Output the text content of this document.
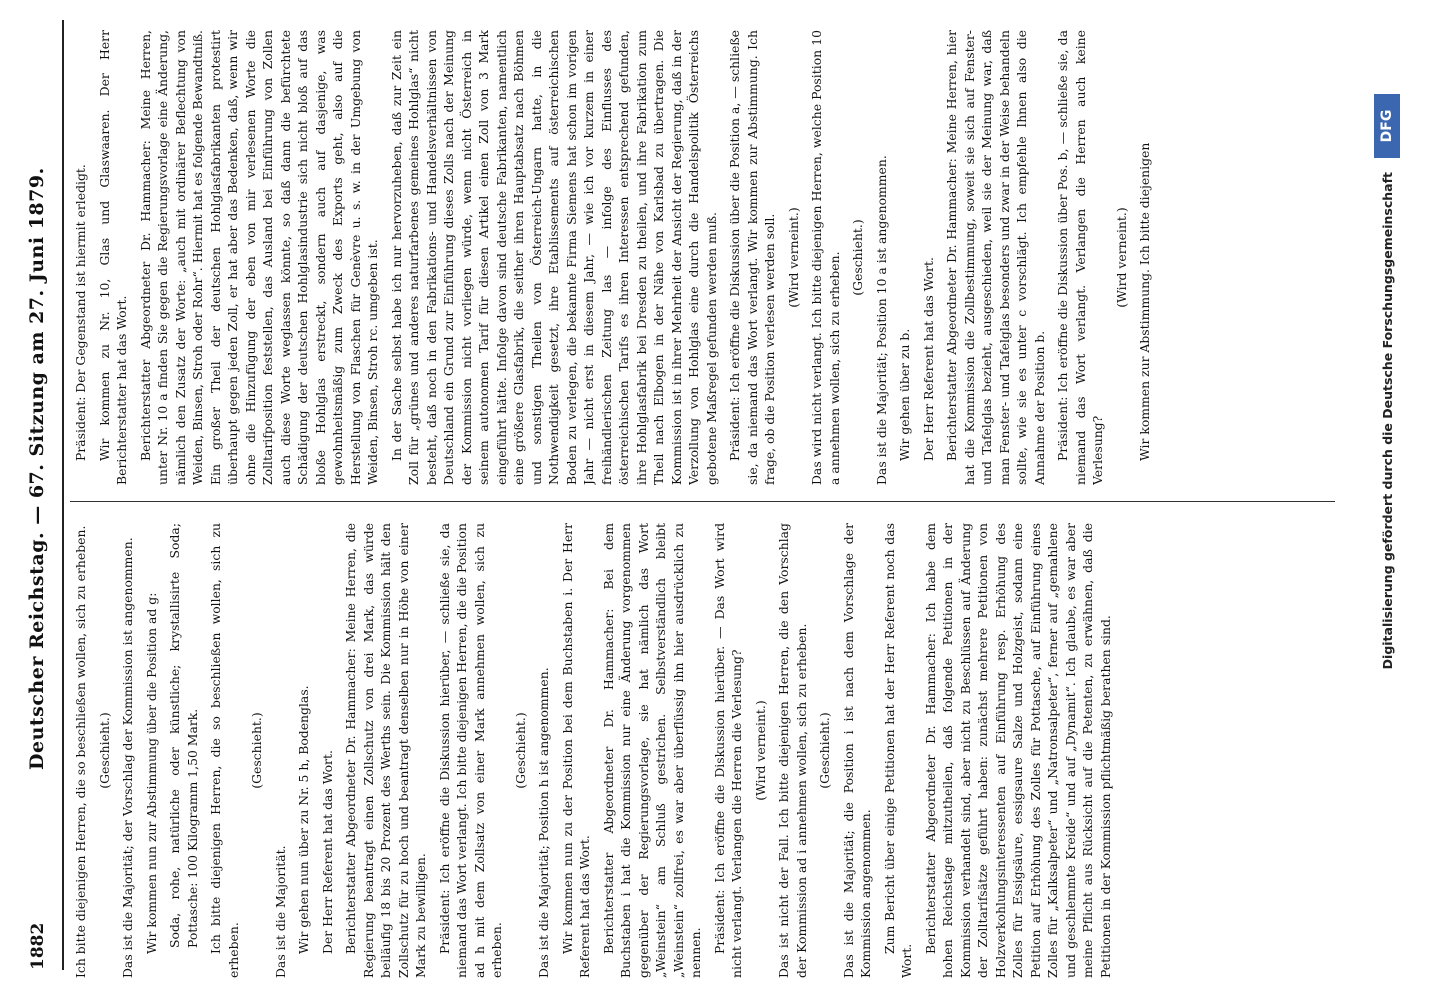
1882
Deutscher Reichstag. — 67. Sitzung am 27. Juni 1879. Ich bitte diejenigen Herren, die so beschließen wollen, sich zu erheben. (Geschieht.) Das ist die Majorität; der Vorschlag der Kommission ist angenommen. Wir kommen nun zur Abstimmung über die Position ad g: Soda, rohe, natürliche oder künstliche; krystallisirte Soda; Pottasche: 100 Kilogramm 1,50 Mark. Ich bitte diejenigen Herren, die so beschließen wollen, sich zu erheben.

(Geschieht.)

Das ist die Majorität. Wir gehen nun über zu Nr. 5 h, Bodenglas. Der Herr Referent hat das Wort. Berichterstatter Abgeordneter Dr. Hammacher: Meine Herren, die Regierung beantragt einen Zollschutz von drei Mark, das würde beiläufig 18 bis 20 Prozent des Werths sein. Die Kommission hält den Zollschutz für zu hoch und beantragt denselben nur in Höhe von einer Mark zu bewilligen. Präsident: Ich eröffne die Diskussion hierüber, — schließe sie, da niemand das Wort verlangt. Ich bitte diejenigen Herren, die die Position ad h mit dem Zollsatz von einer Mark annehmen wollen, sich zu erheben.

(Geschieht.) Das ist die Majorität; Position h ist angenommen. Wir kommen nun zu der Position bei dem Buchstaben i. Der Herr Referent hat das Wort. Berichterstatter Abgeordneter Dr. Hammacher: Bei dem Buchstaben i hat die Kommission nur eine Änderung vorgenommen gegenüber der Regierungsvorlage, sie hat nämlich das Wort „Weinstein“ am Schluß gestrichen. Selbstverständlich bleibt „Weinstein“ zollfrei, es war aber überflüssig ihn hier ausdrücklich zu nennen. Präsident: Ich eröffne die Diskussion hierüber. — Das Wort wird nicht verlangt. Verlangen die Herren die Verlesung? (Wird verneint.) Das ist nicht der Fall. Ich bitte diejenigen Herren, die den Vorschlag der Kommission ad i annehmen wollen, sich zu erheben. (Geschieht.) Das ist die Majorität; die Position i ist nach dem Vorschlage der Kommission angenommen. Zum Bericht über einige Petitionen hat der Herr Referent noch das Wort.

Berichterstatter Abgeordneter Dr. Hammacher: Ich habe dem hohen Reichstage mitzutheilen, daß folgende Petitionen in der Kommission verhandelt sind, aber nicht zu Beschlüssen auf Änderung der Zolltarifsätze geführt haben: zunächst mehrere Petitionen von Holzverkohlungsinteressenten auf Einführung resp. Erhöhung des Zolles für Essigsäure, essigsaure Salze und Holzgeist, sodann eine Petition auf Erhöhung des Zolles für Pottasche, auf Einführung eines Zolles für „Kalksalpeter“ und „Natronsalpeter“, ferner auf „gemahlene und geschlemmte Kreide“ und auf „Dynamit“. Ich glaube, es war aber meine Pflicht aus Rücksicht auf die Petenten, zu erwähnen, daß die Petitionen in der Kommission pflichtmäßig berathen sind.

Präsident: Der Gegenstand ist hiermit erledigt. Wir kommen zu Nr. 10, Glas und Glaswaaren. Der Herr Berichterstatter hat das Wort. Berichterstatter Abgeordneter Dr. Hammacher: Meine Herren, unter Nr. 10 a finden Sie gegen die Regierungsvorlage eine Änderung, nämlich den Zusatz der Worte: „auch mit ordinärer Beflechtung von Weiden, Binsen, Stroh oder Rohr“. Hiermit hat es folgende Bewandtniß. Ein großer Theil der deutschen Hohlglasfabrikanten protestirt überhaupt gegen jeden Zoll, er hat aber das Bedenken, daß, wenn wir ohne die Hinzufügung der eben von mir verlesenen Worte die Zolltarifposition feststellen, das Ausland bei Einführung von Zollen auch diese Worte weglassen könnte, so daß dann die befürchtete Schädigung der deutschen Hohlglasindustrie sich nicht bloß auf das bloße Hohlglas erstreckt, sondern auch auf dasjenige, was gewohnheitsmäßig zum Zweck des Exports geht, also auf die Herstellung von Flaschen für Genèvre u. s. w. in der Umgebung von Weiden, Binsen, Stroh rc. umgeben ist. In der Sache selbst habe ich nur hervorzuheben, daß zur Zeit ein Zoll für „grünes und anderes naturfarbenes gemeines Hohlglas“ nicht besteht, daß noch in den Fabrikations- und Handelsverhältnissen von Deutschland ein Grund zur Einführung dieses Zolls nach der Meinung der Kommission nicht vorliegen würde, wenn nicht Österreich in seinem autonomen Tarif für diesen Artikel einen Zoll von 3 Mark eingeführt hätte. Infolge davon sind deutsche Fabrikanten, namentlich eine größere Glasfabrik, die seither ihren Hauptabsatz nach Böhmen und sonstigen Theilen von Österreich-Ungarn hatte, in die Nothwendigkeit gesetzt, ihre Etablissements auf österreichischen Boden zu verlegen, die bekannte Firma Siemens hat schon im vorigen Jahr — nicht erst in diesem Jahr, — wie ich vor kurzem in einer freihändlerischen Zeitung las — infolge des Einflusses des österreichischen Tarifs es ihren Interessen entsprechend gefunden, ihre Hohlglasfabrik bei Dresden zu theilen, und ihre Fabrikation zum Theil nach Elbogen in der Nähe von Karlsbad zu übertragen. Die Kommission ist in ihrer Mehrheit der Ansicht der Regierung, daß in der Verzollung von Hohlglas eine durch die Handelspolitik Österreichs gebotene Maßregel gefunden werden muß. Präsident: Ich eröffne die Diskussion über die Position a, — schließe sie, da niemand das Wort verlangt. Wir kommen zur Abstimmung. Ich frage, ob die Position verlesen werden soll. (Wird verneint.) Das wird nicht verlangt. Ich bitte diejenigen Herren, welche Position 10 a annehmen wollen, sich zu erheben. (Geschieht.) Das ist die Majorität; Position 10 a ist angenommen. Wir gehen über zu b. Der Herr Referent hat das Wort. Berichterstatter Abgeordneter Dr. Hammacher: Meine Herren, hier hat die Kommission die Zollbestimmung, soweit sie sich auf Fenster- und Tafelglas bezieht, ausgeschieden, weil sie der Meinung war, daß man Fenster- und Tafelglas besonders und zwar in der Weise behandeln sollte, wie sie es unter c vorschlägt. Ich empfehle Ihnen also die Annahme der Position b. Präsident: Ich eröffne die Diskussion über Pos. b, — schließe sie, da niemand das Wort verlangt. Verlangen die Herren auch keine Verlesung?

(Wird verneint.) Wir kommen zur Abstimmung. Ich bitte diejenigen	Digitalisierung gefördert durch die Deutsche Forschungsgemeinschaft
DFG
